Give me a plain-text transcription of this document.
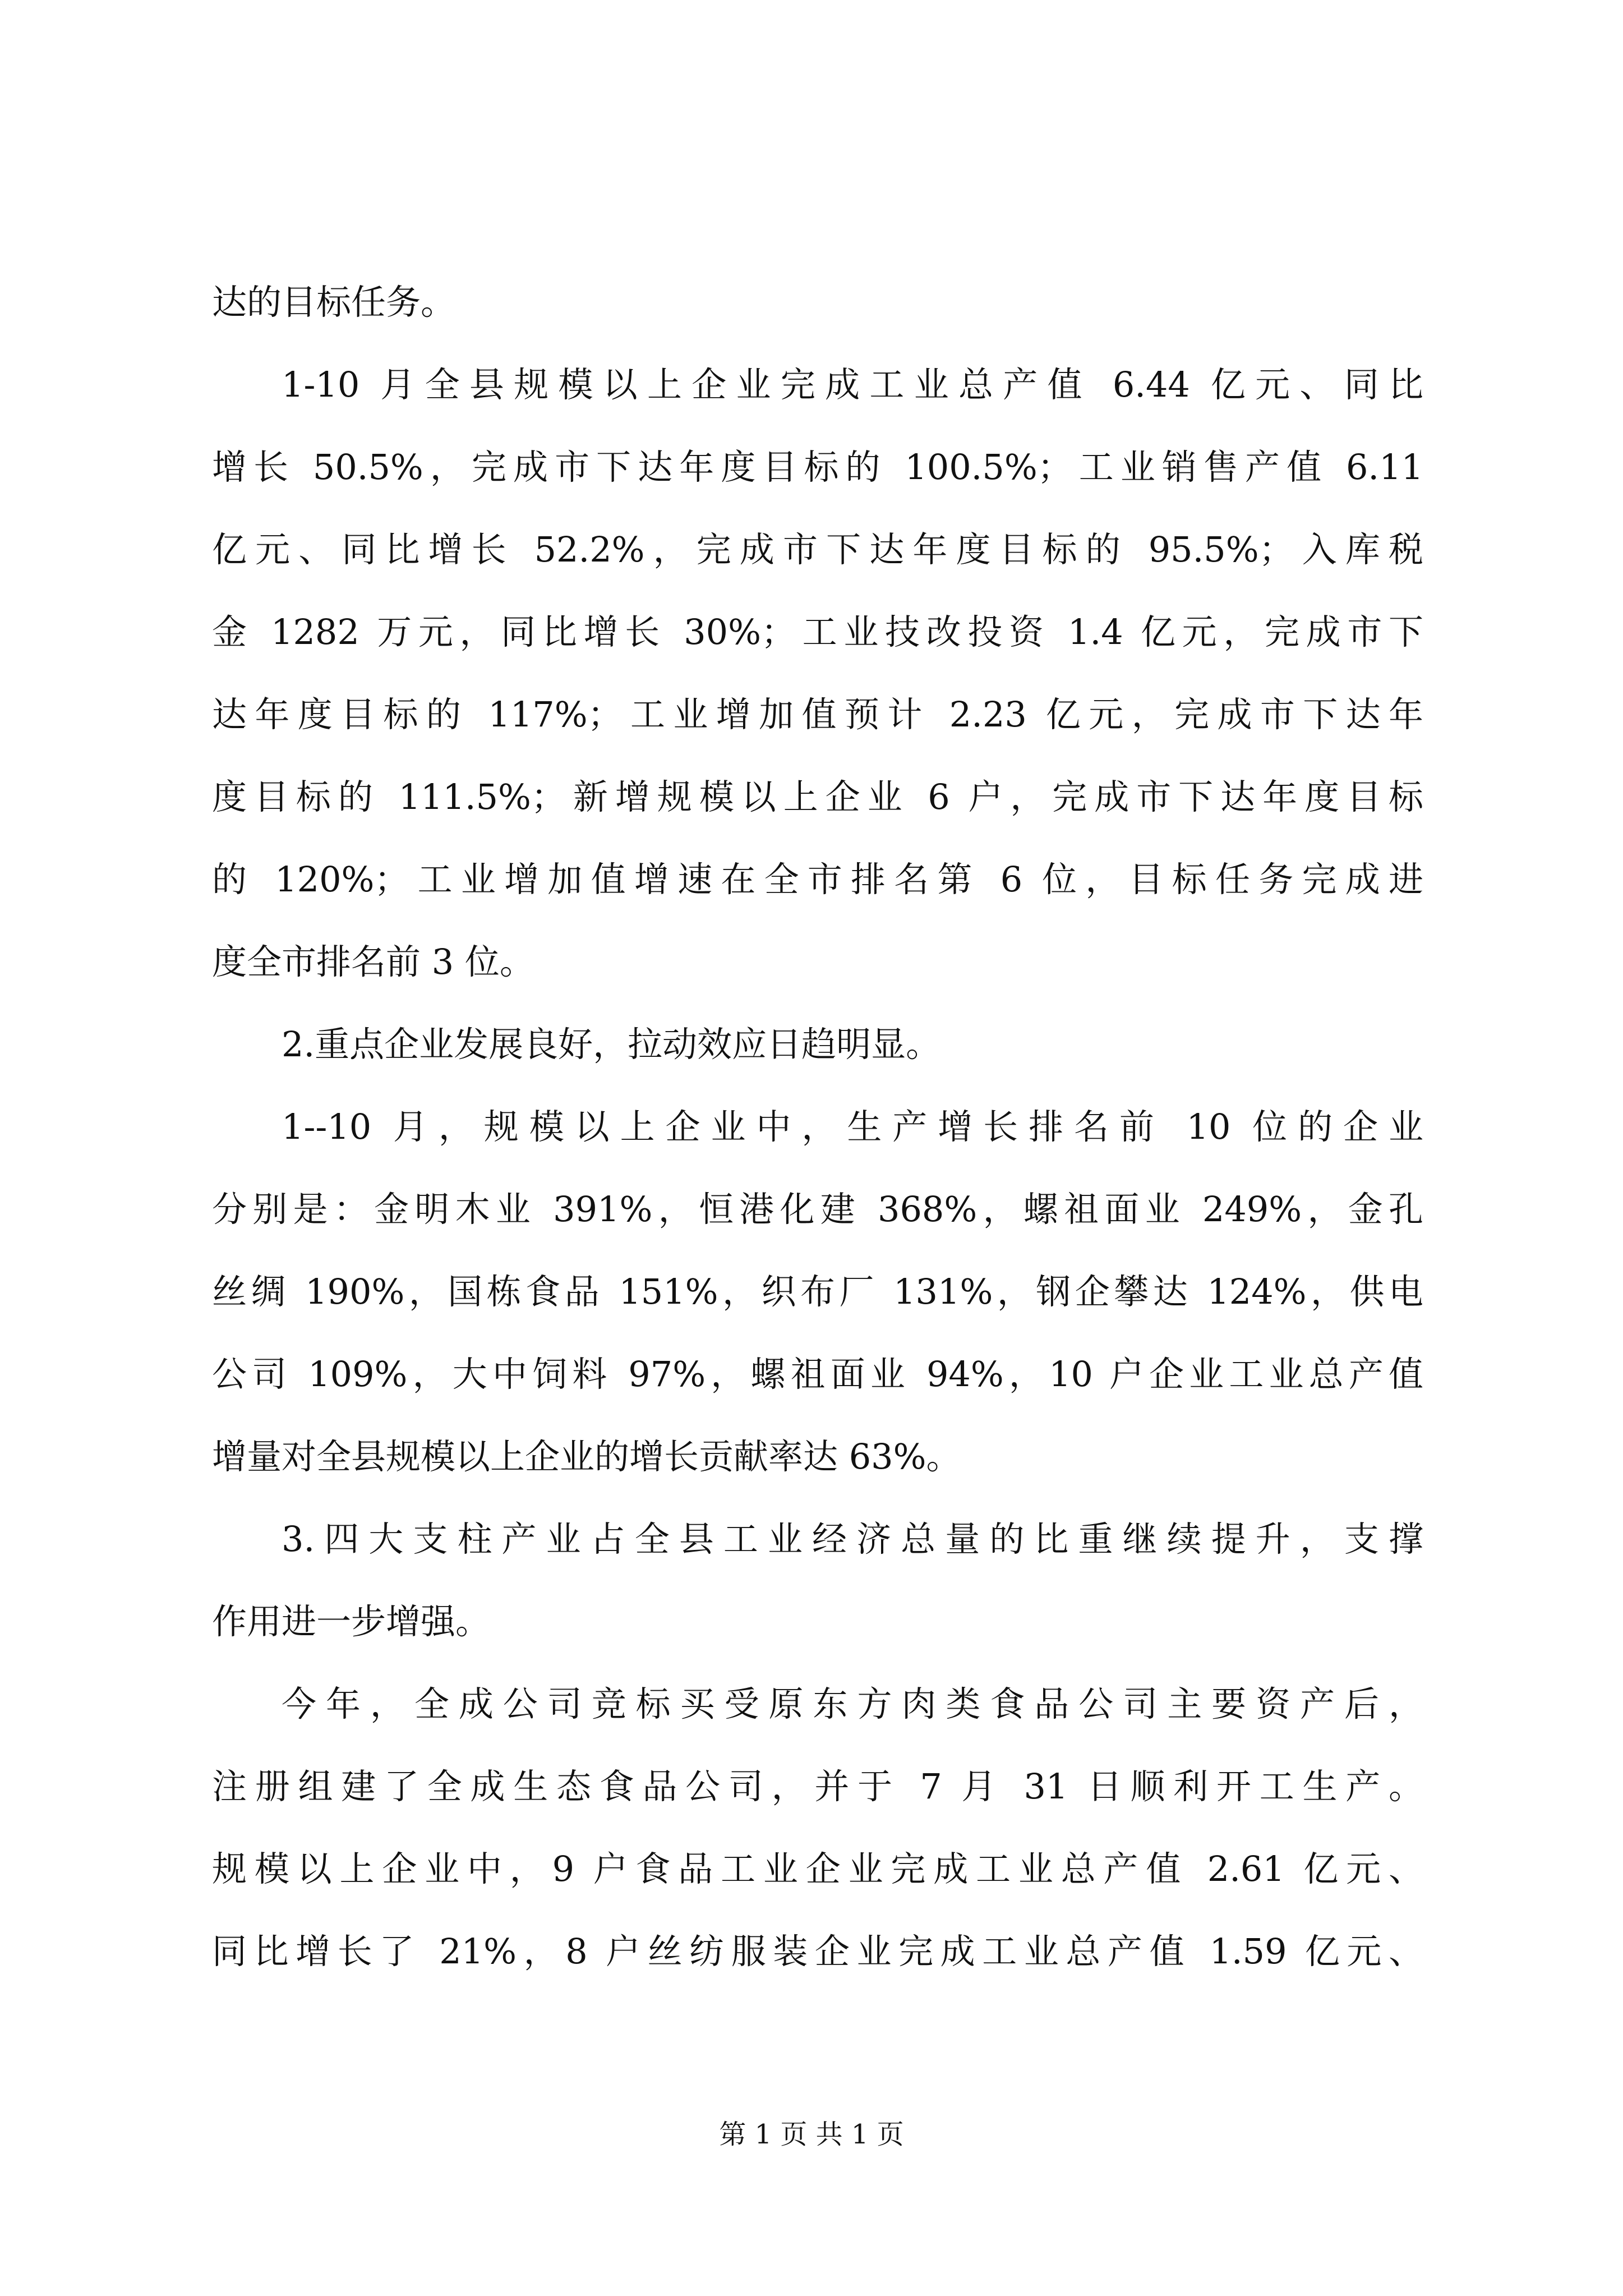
达的目标任务。
1-10 月全县规模以上企业完成工业总产值 6.44 亿元、同比
增长 50.5%，完成市下达年度目标的 100.5%；工业销售产值 6.11
亿元、同比增长 52.2%，完成市下达年度目标的 95.5%；入库税
金 1282 万元，同比增长 30%；工业技改投资 1.4 亿元，完成市下
达年度目标的 117%；工业增加值预计 2.23 亿元，完成市下达年
度目标的 111.5%；新增规模以上企业 6 户，完成市下达年度目标
的 120%；工业增加值增速在全市排名第 6 位，目标任务完成进
度全市排名前 3 位。
2.重点企业发展良好，拉动效应日趋明显。
1--10 月，规模以上企业中，生产增长排名前 10 位的企业
分别是：金明木业 391%，恒港化建 368%，螺祖面业 249%，金孔
丝绸 190%，国栋食品 151%，织布厂 131%，钢企攀达 124%，供电
公司 109%，大中饲料 97%，螺祖面业 94%，10 户企业工业总产值
增量对全县规模以上企业的增长贡献率达 63%。
3.四大支柱产业占全县工业经济总量的比重继续提升，支撑
作用进一步增强。
今年，全成公司竞标买受原东方肉类食品公司主要资产后，
注册组建了全成生态食品公司，并于 7 月 31 日顺利开工生产。
规模以上企业中，9 户食品工业企业完成工业总产值 2.61 亿元、
同比增长了 21%，8 户丝纺服装企业完成工业总产值 1.59 亿元、
第 1 页 共 1 页
